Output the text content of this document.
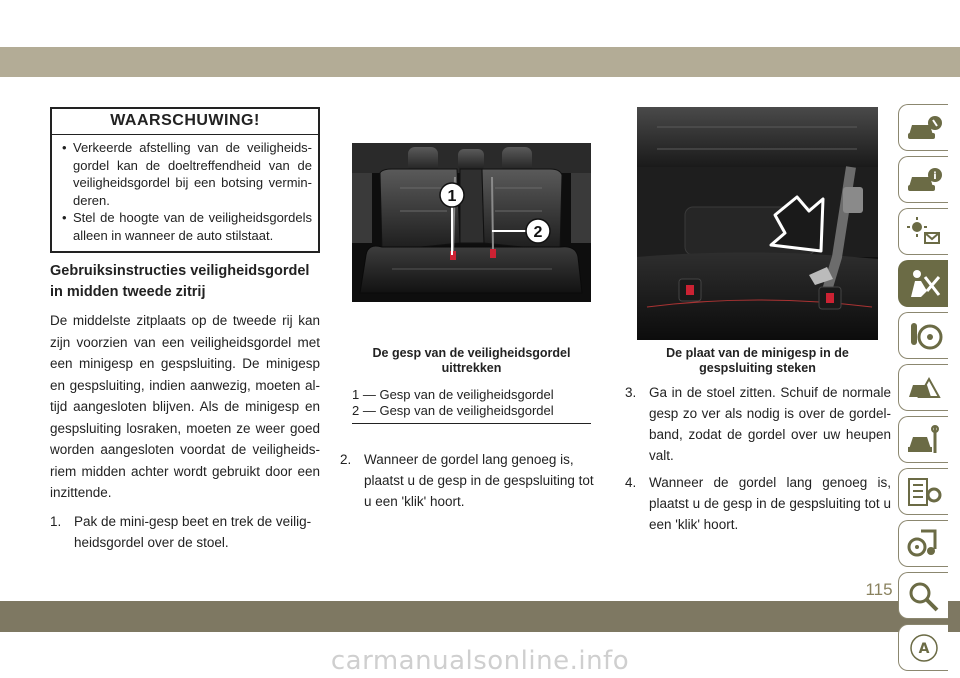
WAARSCHUWING!
• Verkeerde afstelling van de veiligheids-gordel kan de doeltreffendheid van de veiligheidsgordel bij een botsing vermin-deren.
• Stel de hoogte van de veiligheidsgordels alleen in wanneer de auto stilstaat.
Gebruiksinstructies veiligheidsgordel in midden tweede zitrij

De middelste zitplaats op de tweede rij kan zijn voorzien van een veiligheidsgordel met een minigesp en gespsluiting. De minigesp en gespsluiting, indien aanwezig, moeten al-tijd aangesloten blijven. Als de minigesp en gespsluiting losraken, moeten ze weer goed worden aangesloten voordat de veiligheids-riem midden achter wordt gebruikt door een inzittende.

1. Pak de mini-gesp beet en trek de veilig-heidsgordel over de stoel.

1
2
De gesp van de veiligheidsgordel uittrekken
1 — Gesp van de veiligheidsgordel
2 — Gesp van de veiligheidsgordel

2. Wanneer de gordel lang genoeg is, plaatst u de gesp in de gespsluiting tot u een 'klik' hoort.

De plaat van de minigesp in de gespsluiting steken

3. Ga in de stoel zitten. Schuif de normale gesp zo ver als nodig is over de gordel-band, zodat de gordel over uw heupen valt.

4. Wanneer de gordel lang genoeg is, plaatst u de gesp in de gespsluiting tot u een 'klik' hoort.

i
A
115
carmanualsonline.info
